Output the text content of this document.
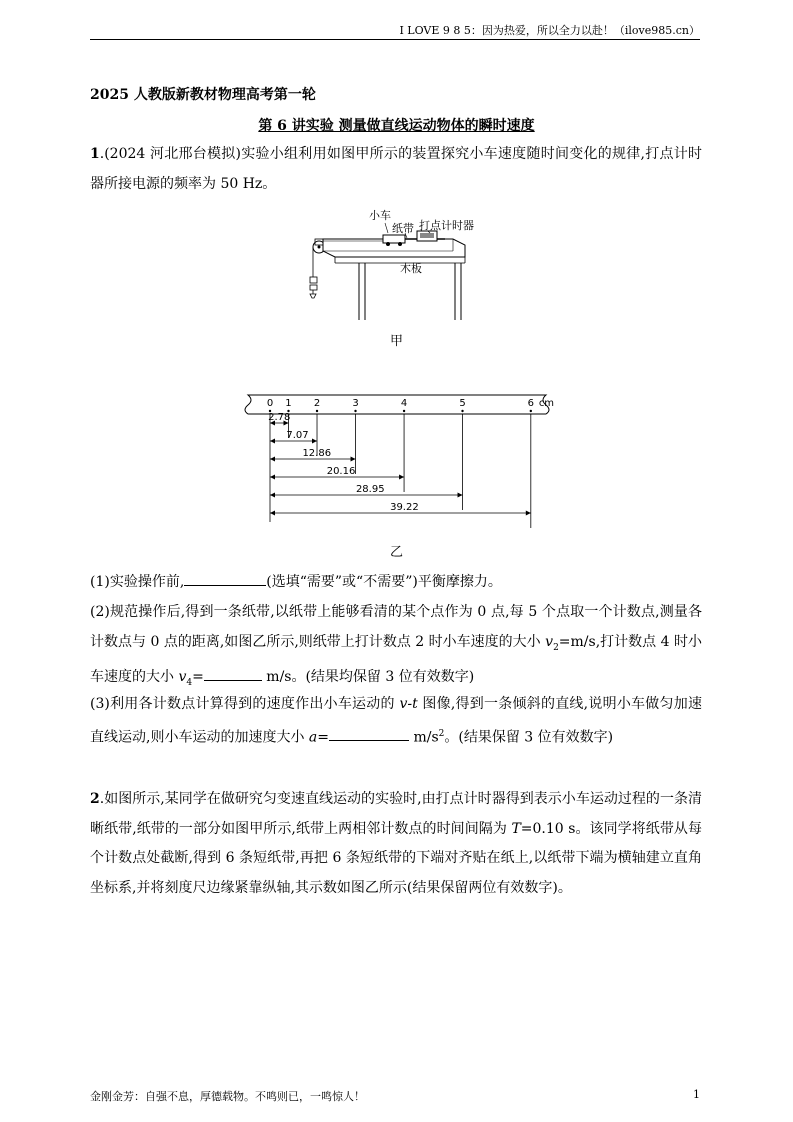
I LOVE 9 8 5：因为热爱，所以全力以赴！（ilove985.cn）
2025 人教版新教材物理高考第一轮
第 6 讲实验 测量做直线运动物体的瞬时速度
1.(2024 河北邢台模拟)实验小组利用如图甲所示的装置探究小车速度随时间变化的规律,打点计时器所接电源的频率为 50 Hz。
小车
纸带 打点计时器
木板
甲
0 1 2	3	4	5	6 cm
2.78
7.07
12.86
20.16
28.95
39.22
乙
(1)实验操作前,	(选填“需要”或“不需要”)平衡摩擦力。
(2)规范操作后,得到一条纸带,以纸带上能够看清的某个点作为 0 点,每 5 个点取一个计数点,测量各计数点与 0 点的距离,如图乙所示,则纸带上打计数点 2 时小车速度的大小 $v_2=m/s$,打计数点 4 时小车速度的大小 $v_4=$	m/s。(结果均保留 3 位有效数字)
(3)利用各计数点计算得到的速度作出小车运动的 v-t 图像,得到一条倾斜的直线,说明小车做匀加速直线运动,则小车运动的加速度大小 a=	$m/s^2$。(结果保留 3 位有效数字)
2.如图所示,某同学在做研究匀变速直线运动的实验时,由打点计时器得到表示小车运动过程的一条清晰纸带,纸带的一部分如图甲所示,纸带上两相邻计数点的时间间隔为 T=0.10 s。该同学将纸带从每个计数点处截断,得到 6 条短纸带,再把 6 条短纸带的下端对齐贴在纸上,以纸带下端为横轴建立直角坐标系,并将刻度尺边缘紧靠纵轴,其示数如图乙所示(结果保留两位有效数字)。
金刚金芳：自强不息，厚德载物。不鸣则已，一鸣惊人！	1
